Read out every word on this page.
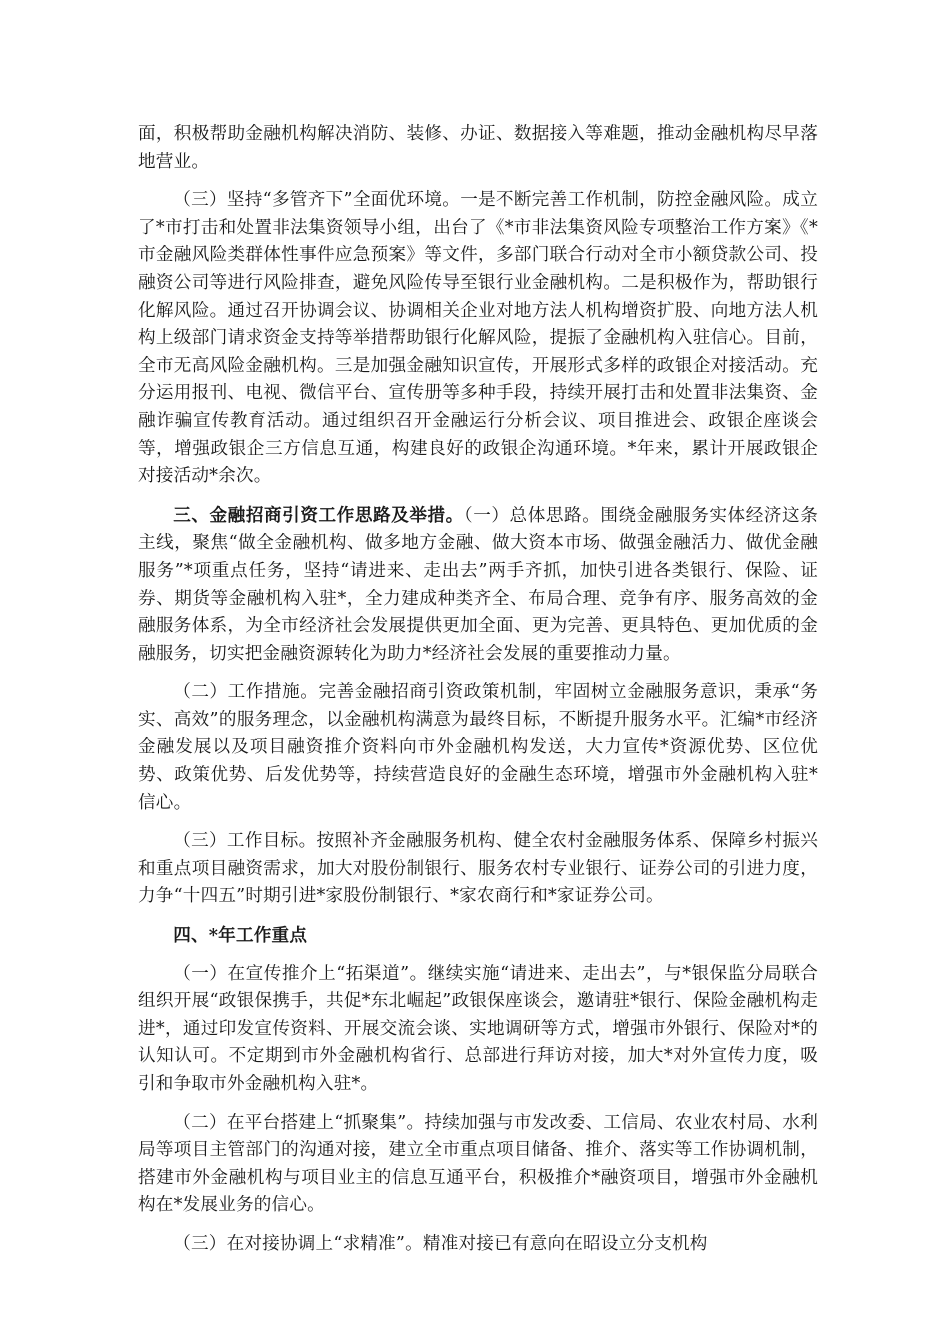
面，积极帮助金融机构解决消防、装修、办证、数据接入等难题，推动金融机构尽早落地营业。

（三）坚持“多管齐下”全面优环境。一是不断完善工作机制，防控金融风险。成立了*市打击和处置非法集资领导小组，出台了《*市非法集资风险专项整治工作方案》《*市金融风险类群体性事件应急预案》等文件，多部门联合行动对全市小额贷款公司、投融资公司等进行风险排查，避免风险传导至银行业金融机构。二是积极作为，帮助银行化解风险。通过召开协调会议、协调相关企业对地方法人机构增资扩股、向地方法人机构上级部门请求资金支持等举措帮助银行化解风险，提振了金融机构入驻信心。目前，全市无高风险金融机构。三是加强金融知识宣传，开展形式多样的政银企对接活动。充分运用报刊、电视、微信平台、宣传册等多种手段，持续开展打击和处置非法集资、金融诈骗宣传教育活动。通过组织召开金融运行分析会议、项目推进会、政银企座谈会等，增强政银企三方信息互通，构建良好的政银企沟通环境。*年来，累计开展政银企对接活动*余次。

三、金融招商引资工作思路及举措。（一）总体思路。围绕金融服务实体经济这条主线，聚焦“做全金融机构、做多地方金融、做大资本市场、做强金融活力、做优金融服务”*项重点任务，坚持“请进来、走出去”两手齐抓，加快引进各类银行、保险、证券、期货等金融机构入驻*，全力建成种类齐全、布局合理、竞争有序、服务高效的金融服务体系，为全市经济社会发展提供更加全面、更为完善、更具特色、更加优质的金融服务，切实把金融资源转化为助力*经济社会发展的重要推动力量。

（二）工作措施。完善金融招商引资政策机制，牢固树立金融服务意识，秉承“务实、高效”的服务理念，以金融机构满意为最终目标，不断提升服务水平。汇编*市经济金融发展以及项目融资推介资料向市外金融机构发送，大力宣传*资源优势、区位优势、政策优势、后发优势等，持续营造良好的金融生态环境，增强市外金融机构入驻*信心。

（三）工作目标。按照补齐金融服务机构、健全农村金融服务体系、保障乡村振兴和重点项目融资需求，加大对股份制银行、服务农村专业银行、证券公司的引进力度，力争“十四五”时期引进*家股份制银行、*家农商行和*家证券公司。

四、*年工作重点

（一）在宣传推介上“拓渠道”。继续实施“请进来、走出去”，与*银保监分局联合组织开展“政银保携手，共促*东北崛起”政银保座谈会，邀请驻*银行、保险金融机构走进*，通过印发宣传资料、开展交流会谈、实地调研等方式，增强市外银行、保险对*的认知认可。不定期到市外金融机构省行、总部进行拜访对接，加大*对外宣传力度，吸引和争取市外金融机构入驻*。

（二）在平台搭建上“抓聚集”。持续加强与市发改委、工信局、农业农村局、水利局等项目主管部门的沟通对接，建立全市重点项目储备、推介、落实等工作协调机制，搭建市外金融机构与项目业主的信息互通平台，积极推介*融资项目，增强市外金融机构在*发展业务的信心。

（三）在对接协调上“求精准”。精准对接已有意向在昭设立分支机构
